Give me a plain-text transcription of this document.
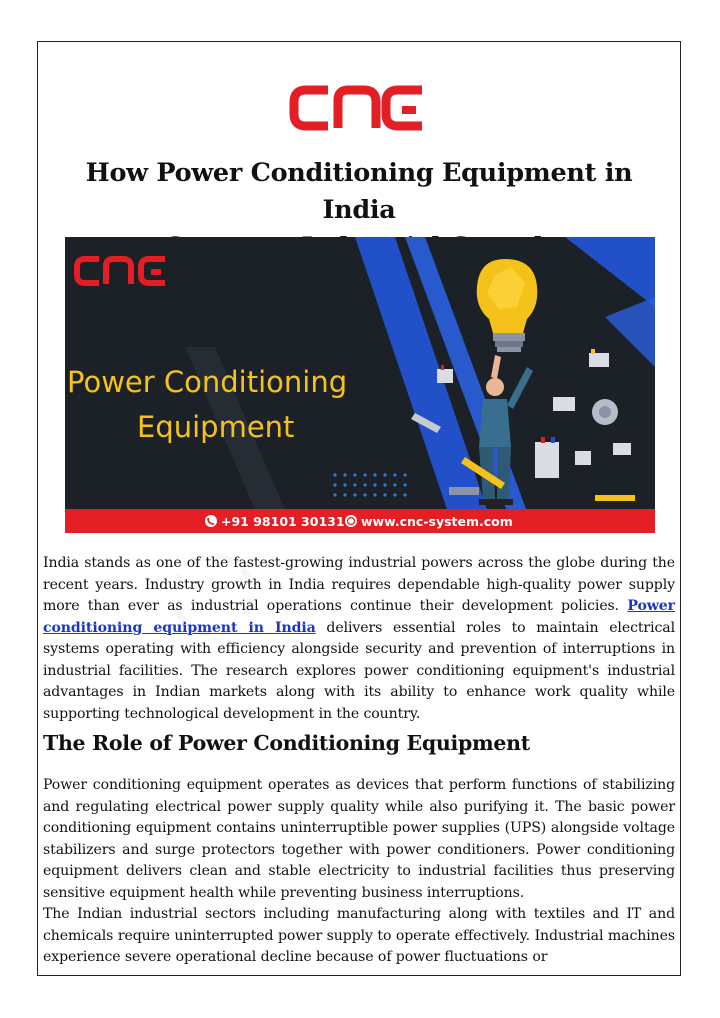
How Power Conditioning Equipment in India
Power Conditioning
Equipment
+91 98101 30131 www.cnc-system.com

India stands as one of the fastest-growing industrial powers across the globe during the recent years. Industry growth in India requires dependable high-quality power supply more than ever as industrial operations continue their development policies. Power conditioning equipment in India delivers essential roles to maintain electrical systems operating with efficiency alongside security and prevention of interruptions in industrial facilities. The research explores power conditioning equipment's industrial advantages in Indian markets along with its ability to enhance work quality while supporting technological development in the country.

The Role of Power Conditioning Equipment

Power conditioning equipment operates as devices that perform functions of stabilizing and regulating electrical power supply quality while also purifying it. The basic power conditioning equipment contains uninterruptible power supplies (UPS) alongside voltage stabilizers and surge protectors together with power conditioners. Power conditioning equipment delivers clean and stable electricity to industrial facilities thus preserving sensitive equipment health while preventing business interruptions.

The Indian industrial sectors including manufacturing along with textiles and IT and chemicals require uninterrupted power supply to operate effectively. Industrial machines experience severe operational decline because of power fluctuations or
